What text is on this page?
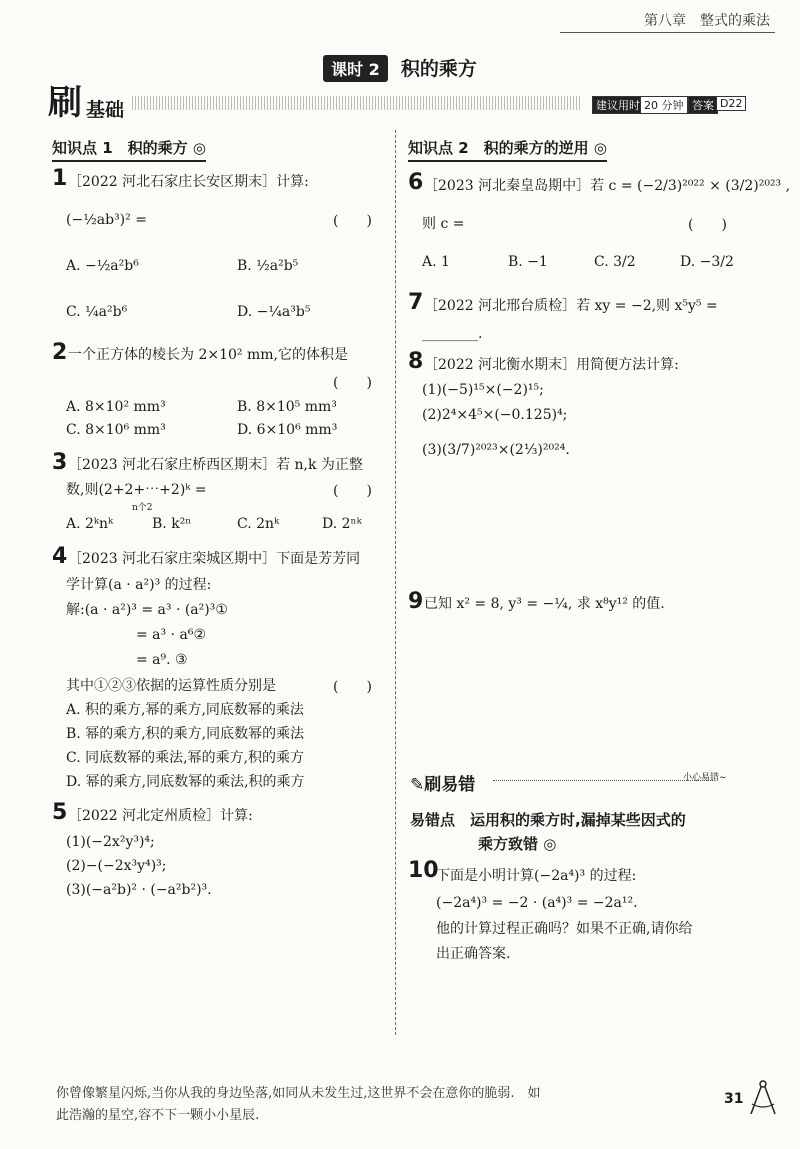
第八章　整式的乘法
课时 2 积的乘方
刷 基础	建议用时 20 分钟 答案 D22
知识点 1　积的乘方 ◎
1 ［2022 河北石家庄长安区期末］计算:
(−½ab³)² =	(　　)
A. −½a²b⁶	B. ½a²b⁵
C. ¼a²b⁶	D. −¼a³b⁵
2 一个正方体的棱长为 2×10² mm,它的体积是
(　　)
A. 8×10² mm³	B. 8×10⁵ mm³
C. 8×10⁶ mm³	D. 6×10⁶ mm³
3 ［2023 河北石家庄桥西区期末］若 n,k 为正整
数,则(2+2+⋯+2)ᵏ =
n个2
(　　)
A. 2ᵏnᵏ	B. k²ⁿ	C. 2nᵏ	D. 2ⁿᵏ
4 ［2023 河北石家庄栾城区期中］下面是芳芳同
学计算(a · a²)³ 的过程:
解:(a · a²)³ = a³ · (a²)³①
= a³ · a⁶②
= a⁹. ③
其中①②③依据的运算性质分别是	(　　)
A. 积的乘方,幂的乘方,同底数幂的乘法
B. 幂的乘方,积的乘方,同底数幂的乘法
C. 同底数幂的乘法,幂的乘方,积的乘方
D. 幂的乘方,同底数幂的乘法,积的乘方
5 ［2022 河北定州质检］计算:
(1)(−2x²y³)⁴;
(2)−(−2x³y⁴)³;
(3)(−a²b)² · (−a²b²)³.
知识点 2　积的乘方的逆用 ◎
6 ［2023 河北秦皇岛期中］若 c = (−2/3)²⁰²² × (3/2)²⁰²³ ,
则 c =	(　　)
A. 1	B. −1	C. 3/2	D. −3/2
7 ［2022 河北邢台质检］若 xy = −2,则 x⁵y⁵ =
________.
8 ［2022 河北衡水期末］用简便方法计算:
(1)(−5)¹⁵×(−2)¹⁵;
(2)2⁴×4⁵×(−0.125)⁴;
(3)(3/7)²⁰²³×(2⅓)²⁰²⁴.
9 已知 x² = 8, y³ = −¼, 求 x⁸y¹² 的值.
✎刷易错	小心易错~
易错点　运用积的乘方时,漏掉某些因式的
乘方致错 ◎
10
下面是小明计算(−2a⁴)³ 的过程:
(−2a⁴)³ = −2 · (a⁴)³ = −2a¹².
他的计算过程正确吗？如果不正确,请你给
出正确答案.
你曾像繁星闪烁,当你从我的身边坠落,如同从未发生过,这世界不会在意你的脆弱.　如
此浩瀚的星空,容不下一颗小小星辰.
31
